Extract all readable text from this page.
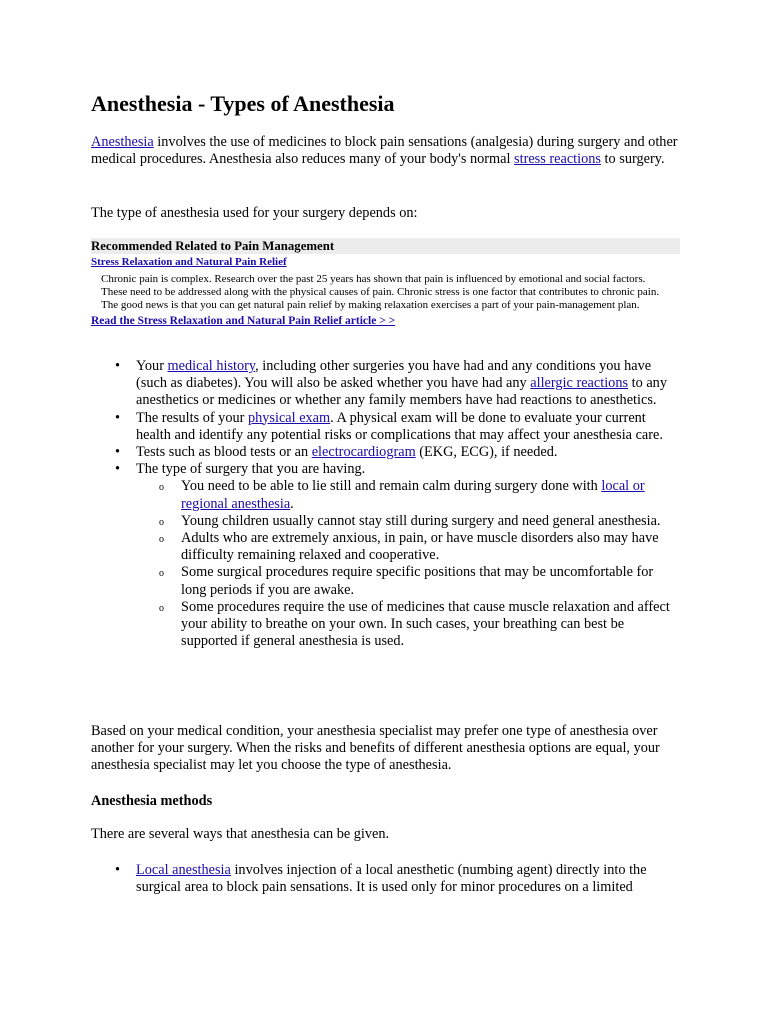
Anesthesia - Types of Anesthesia

Anesthesia involves the use of medicines to block pain sensations (analgesia) during surgery and other medical procedures. Anesthesia also reduces many of your body's normal stress reactions to surgery.

The type of anesthesia used for your surgery depends on:

Recommended Related to Pain Management
Stress Relaxation and Natural Pain Relief
Chronic pain is complex. Research over the past 25 years has shown that pain is influenced by emotional and social factors. These need to be addressed along with the physical causes of pain. Chronic stress is one factor that contributes to chronic pain. The good news is that you can get natural pain relief by making relaxation exercises a part of your pain-management plan.
Read the Stress Relaxation and Natural Pain Relief article > >
• Your medical history, including other surgeries you have had and any conditions you have (such as diabetes). You will also be asked whether you have had any allergic reactions to any anesthetics or medicines or whether any family members have had reactions to anesthetics.
• The results of your physical exam. A physical exam will be done to evaluate your current health and identify any potential risks or complications that may affect your anesthesia care.
• Tests such as blood tests or an electrocardiogram (EKG, ECG), if needed.
• The type of surgery that you are having.
o You need to be able to lie still and remain calm during surgery done with local or regional anesthesia.
o Young children usually cannot stay still during surgery and need general anesthesia.
o Adults who are extremely anxious, in pain, or have muscle disorders also may have difficulty remaining relaxed and cooperative.
o Some surgical procedures require specific positions that may be uncomfortable for long periods if you are awake.
o Some procedures require the use of medicines that cause muscle relaxation and affect your ability to breathe on your own. In such cases, your breathing can best be supported if general anesthesia is used.

Based on your medical condition, your anesthesia specialist may prefer one type of anesthesia over another for your surgery. When the risks and benefits of different anesthesia options are equal, your anesthesia specialist may let you choose the type of anesthesia.

Anesthesia methods

There are several ways that anesthesia can be given.

• Local anesthesia involves injection of a local anesthetic (numbing agent) directly into the surgical area to block pain sensations. It is used only for minor procedures on a limited
